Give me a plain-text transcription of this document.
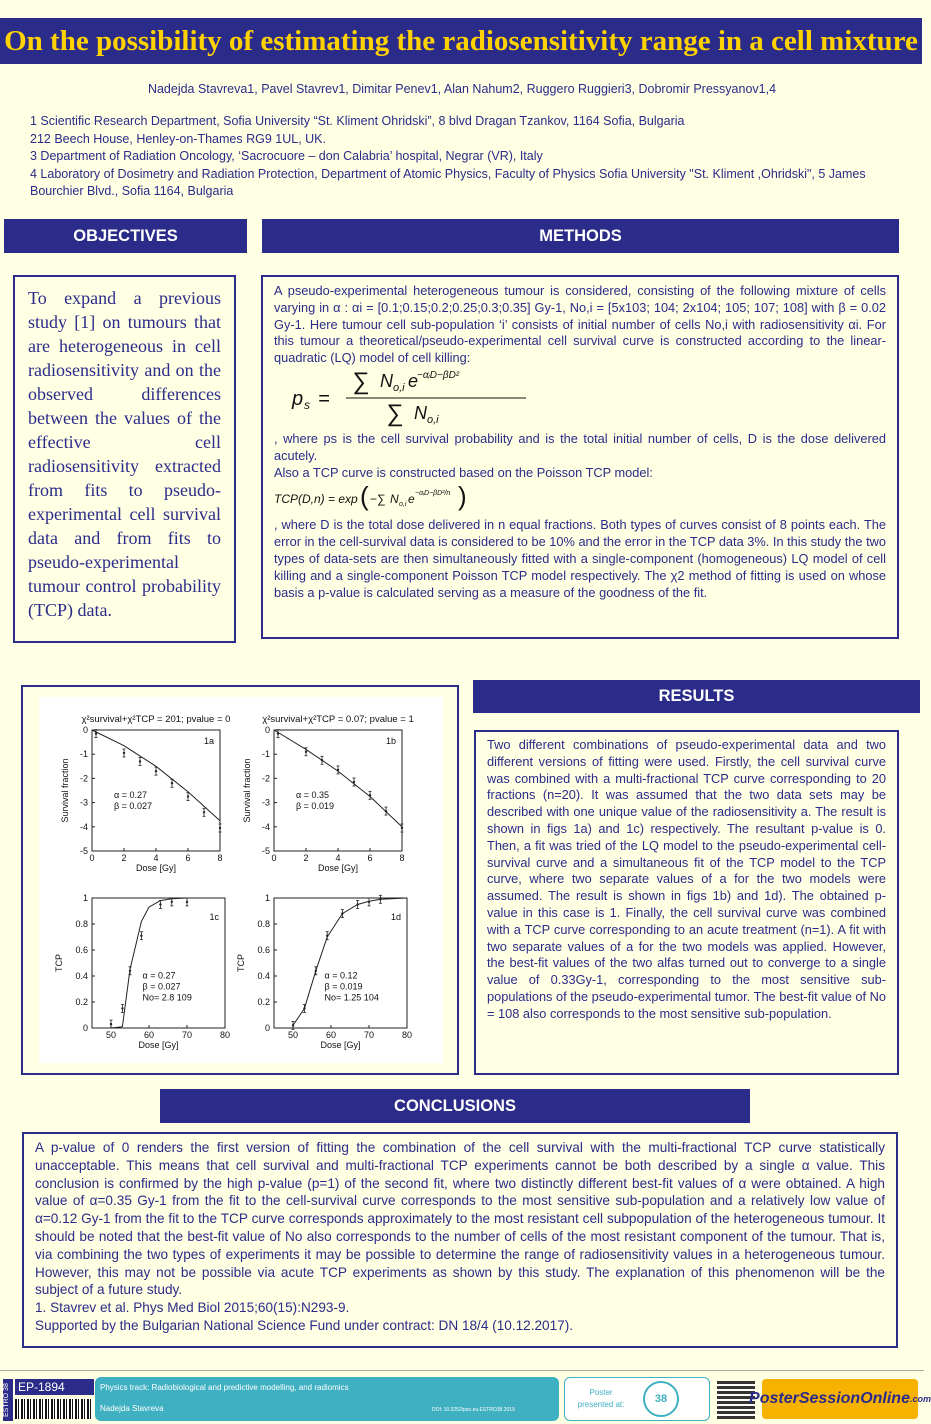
On the possibility of estimating the radiosensitivity range in a cell mixture
Nadejda Stavreva1, Pavel Stavrev1, Dimitar Penev1, Alan Nahum2, Ruggero Ruggieri3, Dobromir Pressyanov1,4
1 Scientific Research Department, Sofia University “St. Kliment Ohridski”, 8 blvd Dragan Tzankov, 1164 Sofia, Bulgaria
212 Beech House, Henley-on-Thames RG9 1UL, UK.
3 Department of Radiation Oncology, ‘Sacrocuore – don Calabria’ hospital, Negrar (VR), Italy
4 Laboratory of Dosimetry and Radiation Protection, Department of Atomic Physics, Faculty of Physics Sofia University "St. Kliment ,Ohridski", 5 James Bourchier Blvd., Sofia 1164, Bulgaria
OBJECTIVES
To expand a previous study [1] on tumours that are heterogeneous in cell radiosensitivity and on the observed differences between the values of the effective cell radiosensitivity extracted from fits to pseudo-experimental cell survival data and from fits to pseudo-experimental tumour control probability (TCP) data.
METHODS
A pseudo-experimental heterogeneous tumour is considered, consisting of the following mixture of cells varying in α : αi = [0.1;0.15;0.2;0.25;0.3;0.35] Gy-1, No,i = [5x103; 104; 2x104; 105; 107; 108] with β = 0.02 Gy-1. Here tumour cell sub-population ‘i’ consists of initial number of cells No,i with radiosensitivity αi. For this tumour a theoretical/pseudo-experimental cell survival curve is constructed according to the linear-quadratic (LQ) model of cell killing:
p s =
∑ N o,i e
−αᵢD−βD²
∑ N o,i
, where ps is the cell survival probability and is the total initial number of cells, D is the dose delivered acutely.
Also a TCP curve is constructed based on the Poisson TCP model:
TCP(D,n) = exp ( −∑ N o,i e −αᵢD−βD²/n )
, where D is the total dose delivered in n equal fractions. Both types of curves consist of 8 points each. The error in the cell-survival data is considered to be 10% and the error in the TCP data 3%. In this study the two types of data-sets are then simultaneously fitted with a single-component (homogeneous) LQ model of cell killing and a single-component Poisson TCP model respectively. The χ2 method of fitting is used on whose basis a p-value is calculated serving as a measure of the goodness of the fit.
χ²survival+χ²TCP = 201; pvalue = 0
0	2	4	6	8
0
-1
-2
-3
-4
-5
Dose [Gy]
Survival fraction
1a
α = 0.27
β = 0.027
χ²survival+χ²TCP = 0.07; pvalue = 1
0	2	4	6	8
0
-1
-2
-3
-4
-5
Dose [Gy]
Survival fraction
1b
α = 0.35
β = 0.019
50	60	70	80
0
0.2
0.4
0.6
0.8
1
Dose [Gy]
TCP
1c
α = 0.27
β = 0.027
No= 2.8 109
50	60	70	80
0
0.2
0.4
0.6
0.8
1
Dose [Gy]
TCP
1d
α = 0.12
β = 0.019
No= 1.25 104
RESULTS
Two different combinations of pseudo-experimental data and two different versions of fitting were used. Firstly, the cell survival curve was combined with a multi-fractional TCP curve corresponding to 20 fractions (n=20). It was assumed that the two data sets may be described with one unique value of the radiosensitivity a. The result is shown in figs 1a) and 1c) respectively. The resultant p-value is 0. Then, a fit was tried of the LQ model to the pseudo-experimental cell-survival curve and a simultaneous fit of the TCP model to the TCP curve, where two separate values of a for the two models were assumed. The result is shown in figs 1b) and 1d). The obtained p-value in this case is 1. Finally, the cell survival curve was combined with a TCP curve corresponding to an acute treatment (n=1). A fit with two separate values of a for the two models was applied. However, the best-fit values of the two alfas turned out to converge to a single value of 0.33Gy-1, corresponding to the most sensitive sub-populations of the pseudo-experimental tumor. The best-fit value of No = 108 also corresponds to the most sensitive sub-population.
CONCLUSIONS
A p-value of 0 renders the first version of fitting the combination of the cell survival with the multi-fractional TCP curve statistically unacceptable. This means that cell survival and multi-fractional TCP experiments cannot be both described by a single α value. This conclusion is confirmed by the high p-value (p=1) of the second fit, where two distinctly different best-fit values of α were obtained. A high value of α=0.35 Gy-1 from the fit to the cell-survival curve corresponds to the most sensitive sub-population and a relatively low value of α=0.12 Gy-1 from the fit to the TCP curve corresponds approximately to the most resistant cell subpopulation of the heterogeneous tumour. It should be noted that the best-fit value of No also corresponds to the number of cells of the most resistant component of the tumour. That is, via combining the two types of experiments it may be possible to determine the range of radiosensitivity values in a heterogeneous tumour. However, this may not be possible via acute TCP experiments as shown by this study. The explanation of this phenomenon will be the subject of a future study.
1. Stavrev et al. Phys Med Biol 2015;60(15):N293-9.
Supported by the Bulgarian National Science Fund under contract: DN 18/4 (10.12.2017).
ESTRO 38 EP-1894	Physics track: Radiobiological and predictive modelling, and radiomics
Nadejda Stavreva	DOI: 10.3252/pso.eu.ESTRO38.2019
Poster
presented at:	38	Poster SessionOnline .com
